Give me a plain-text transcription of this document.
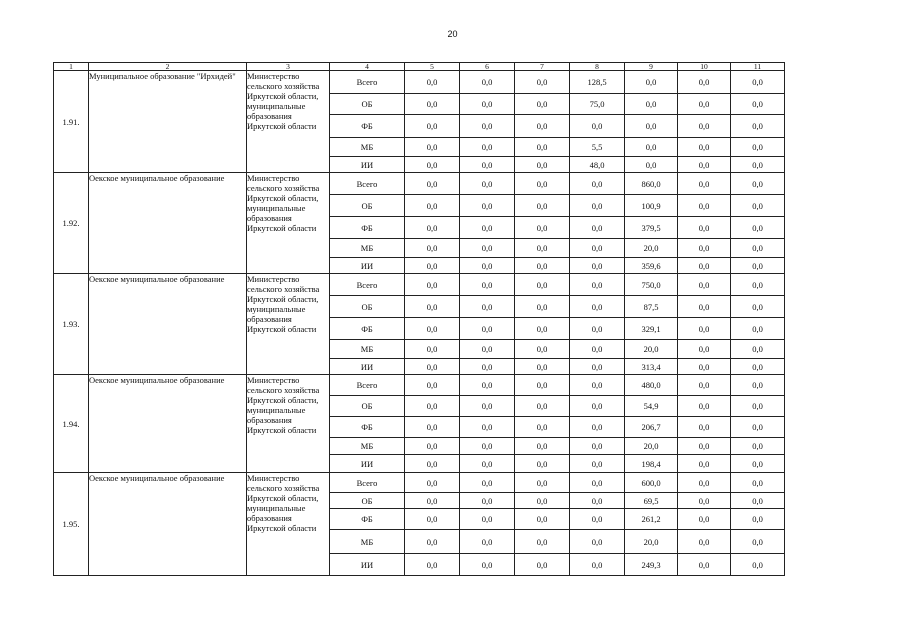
20
1	2	3	4	5	6	7	8	9	10	11
1.91.	Муниципальное образование "Ирхидей"	Министерство сельского хозяйства Иркутской области, муниципальные образования Иркутской области	Всего	0,0	0,0	0,0	128,5	0,0	0,0	0,0
			ОБ	0,0	0,0	0,0	75,0	0,0	0,0	0,0
			ФБ	0,0	0,0	0,0	0,0	0,0	0,0	0,0
			МБ	0,0	0,0	0,0	5,5	0,0	0,0	0,0
			ИИ	0,0	0,0	0,0	48,0	0,0	0,0	0,0
1.92.	Оекское муниципальное образование	Министерство сельского хозяйства Иркутской области, муниципальные образования Иркутской области	Всего	0,0	0,0	0,0	0,0	860,0	0,0	0,0
			ОБ	0,0	0,0	0,0	0,0	100,9	0,0	0,0
			ФБ	0,0	0,0	0,0	0,0	379,5	0,0	0,0
			МБ	0,0	0,0	0,0	0,0	20,0	0,0	0,0
			ИИ	0,0	0,0	0,0	0,0	359,6	0,0	0,0
1.93.	Оекское муниципальное образование	Министерство сельского хозяйства Иркутской области, муниципальные образования Иркутской области	Всего	0,0	0,0	0,0	0,0	750,0	0,0	0,0
			ОБ	0,0	0,0	0,0	0,0	87,5	0,0	0,0
			ФБ	0,0	0,0	0,0	0,0	329,1	0,0	0,0
			МБ	0,0	0,0	0,0	0,0	20,0	0,0	0,0
			ИИ	0,0	0,0	0,0	0,0	313,4	0,0	0,0
1.94.	Оекское муниципальное образование	Министерство сельского хозяйства Иркутской области, муниципальные образования Иркутской области	Всего	0,0	0,0	0,0	0,0	480,0	0,0	0,0
			ОБ	0,0	0,0	0,0	0,0	54,9	0,0	0,0
			ФБ	0,0	0,0	0,0	0,0	206,7	0,0	0,0
			МБ	0,0	0,0	0,0	0,0	20,0	0,0	0,0
			ИИ	0,0	0,0	0,0	0,0	198,4	0,0	0,0
1.95.	Оекское муниципальное образование	Министерство сельского хозяйства Иркутской области, муниципальные образования Иркутской области	Всего	0,0	0,0	0,0	0,0	600,0	0,0	0,0
			ОБ	0,0	0,0	0,0	0,0	69,5	0,0	0,0
			ФБ	0,0	0,0	0,0	0,0	261,2	0,0	0,0
			МБ	0,0	0,0	0,0	0,0	20,0	0,0	0,0
			ИИ	0,0	0,0	0,0	0,0	249,3	0,0	0,0
